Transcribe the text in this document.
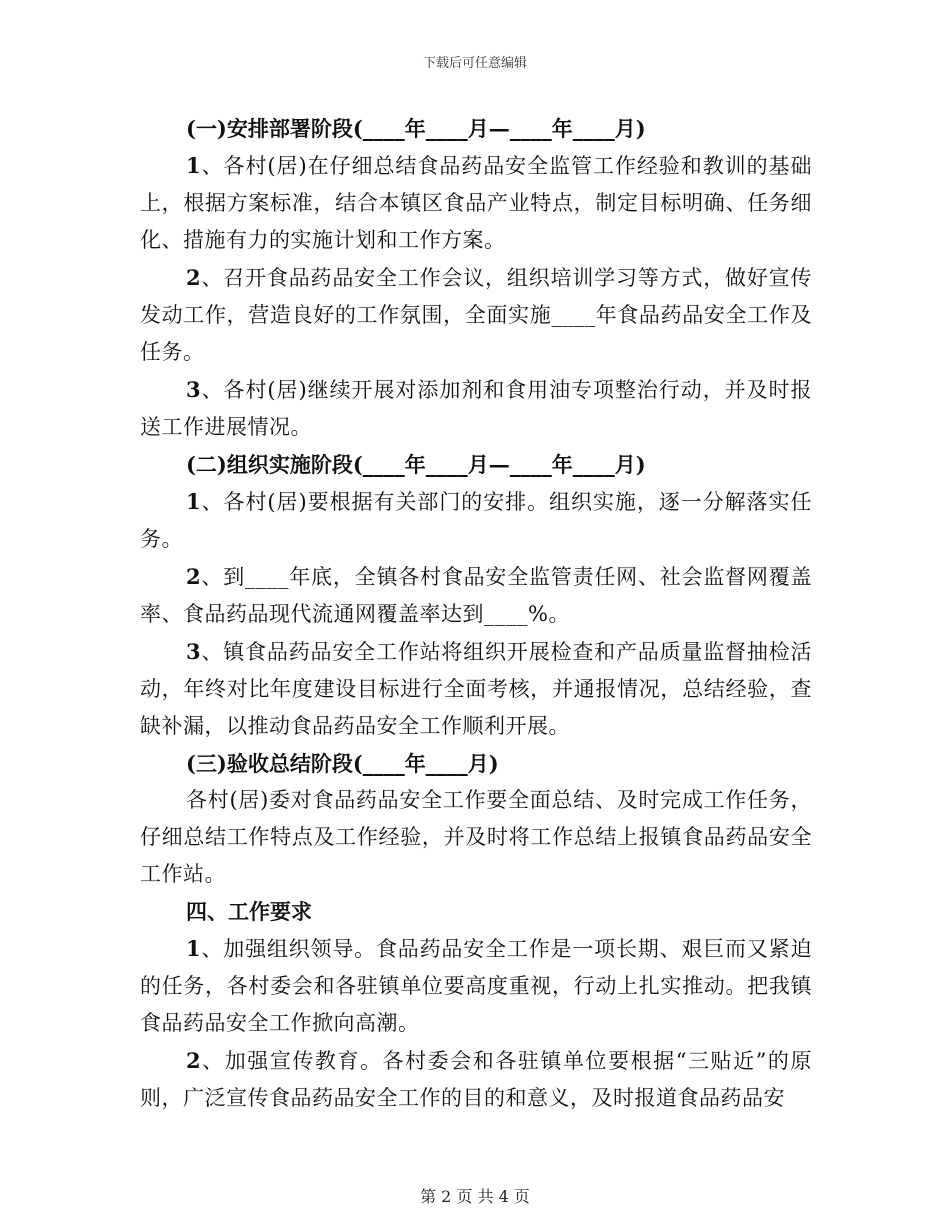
下载后可任意编辑

(一)安排部署阶段(____年____月—____年____月)

1、各村(居)在仔细总结食品药品安全监管工作经验和教训的基础上，根据方案标准，结合本镇区食品产业特点，制定目标明确、任务细化、措施有力的实施计划和工作方案。

2、召开食品药品安全工作会议，组织培训学习等方式，做好宣传发动工作，营造良好的工作氛围，全面实施____年食品药品安全工作及任务。

3、各村(居)继续开展对添加剂和食用油专项整治行动，并及时报送工作进展情况。

(二)组织实施阶段(____年____月—____年____月)

1、各村(居)要根据有关部门的安排。组织实施，逐一分解落实任务。

2、到____年底，全镇各村食品安全监管责任网、社会监督网覆盖率、食品药品现代流通网覆盖率达到____%。

3、镇食品药品安全工作站将组织开展检查和产品质量监督抽检活动，年终对比年度建设目标进行全面考核，并通报情况，总结经验，查缺补漏，以推动食品药品安全工作顺利开展。

(三)验收总结阶段(____年____月)

各村(居)委对食品药品安全工作要全面总结、及时完成工作任务，仔细总结工作特点及工作经验，并及时将工作总结上报镇食品药品安全工作站。

四、工作要求

1、加强组织领导。食品药品安全工作是一项长期、艰巨而又紧迫的任务，各村委会和各驻镇单位要高度重视，行动上扎实推动。把我镇食品药品安全工作掀向高潮。

2、加强宣传教育。各村委会和各驻镇单位要根据“三贴近”的原则，广泛宣传食品药品安全工作的目的和意义，及时报道食品药品安

第 2 页 共 4 页
